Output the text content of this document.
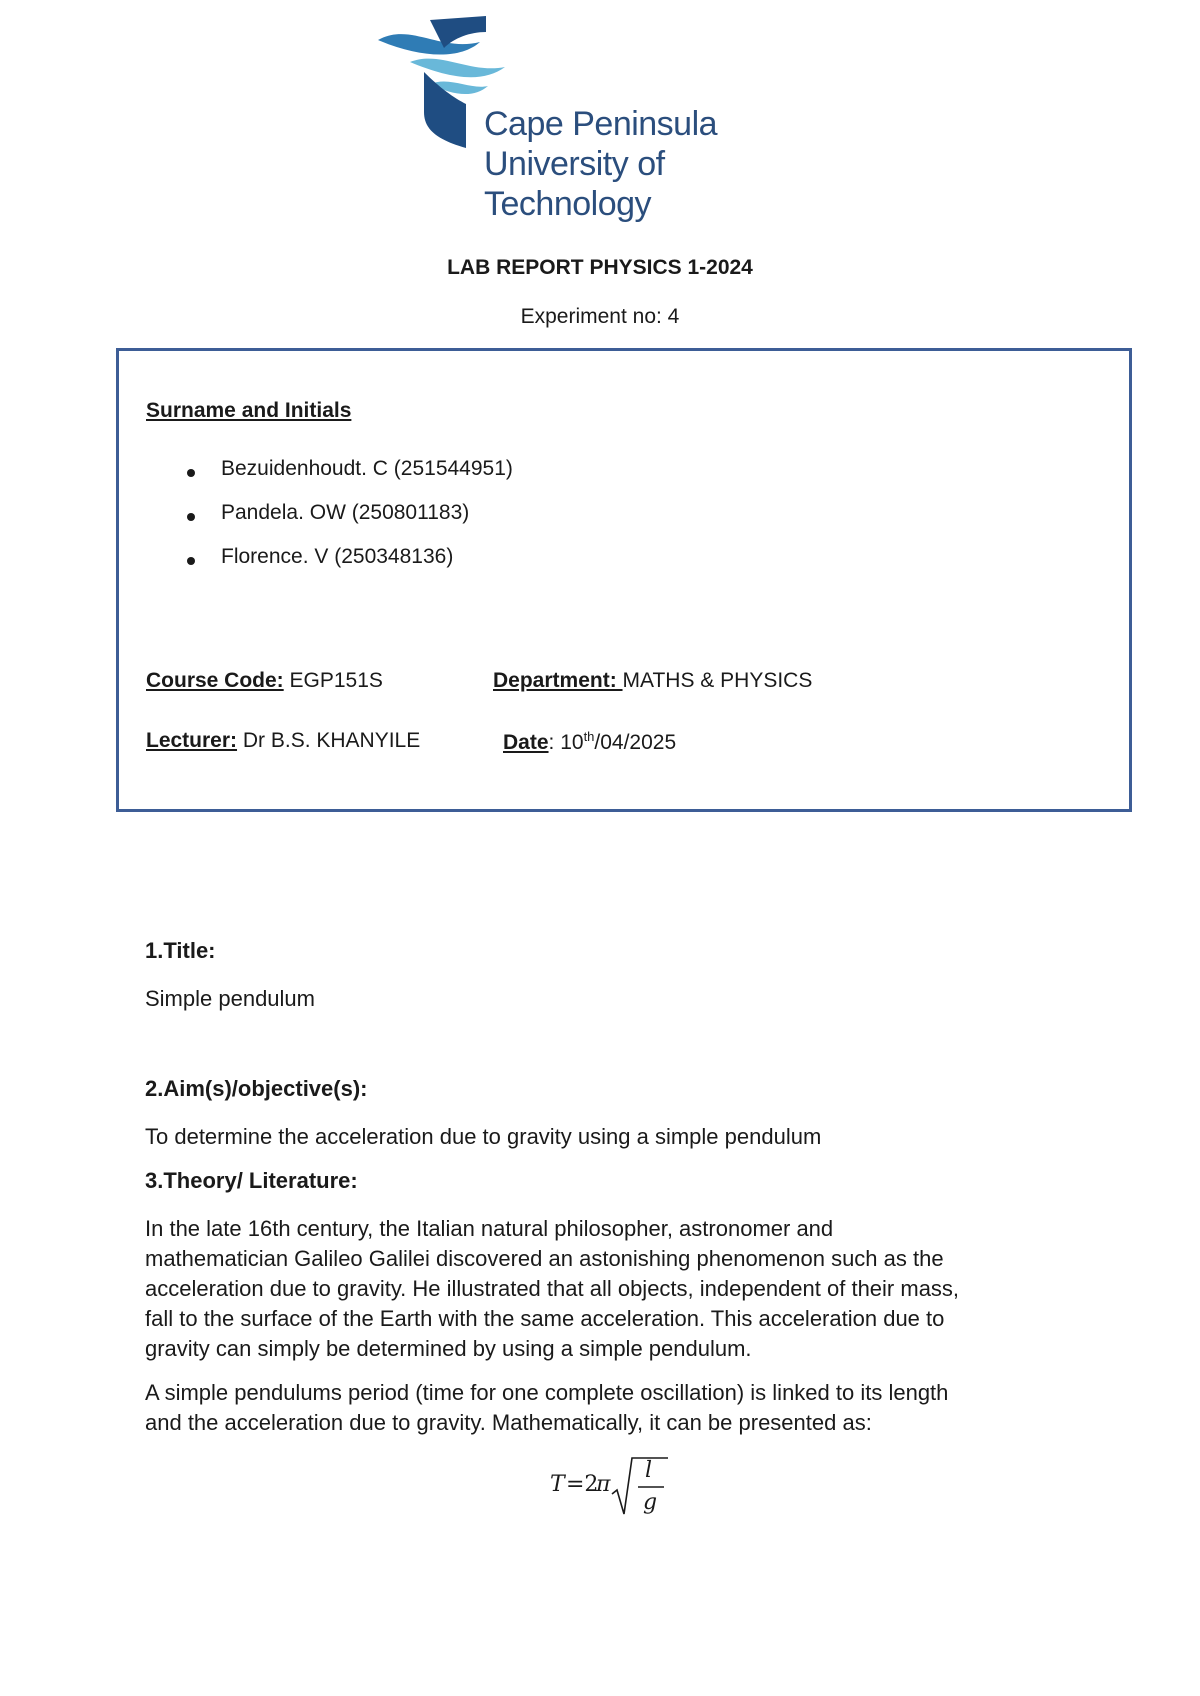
Cape Peninsula
University of Technology
LAB REPORT PHYSICS 1-2024
Experiment no: 4
Surname and Initials
Bezuidenhoudt. C (251544951)
Pandela. OW (250801183)
Florence. V (250348136)
Course Code: EGP151S	Department: MATHS & PHYSICS
Lecturer: Dr B.S. KHANYILE	Date: 10th/04/2025
1.Title:
Simple pendulum
2.Aim(s)/objective(s):
To determine the acceleration due to gravity using a simple pendulum
3.Theory/ Literature:
In the late 16th century, the Italian natural philosopher, astronomer and
mathematician Galileo Galilei discovered an astonishing phenomenon such as the
acceleration due to gravity. He illustrated that all objects, independent of their mass,
fall to the surface of the Earth with the same acceleration. This acceleration due to
gravity can simply be determined by using a simple pendulum.
A simple pendulums period (time for one complete oscillation) is linked to its length
and the acceleration due to gravity. Mathematically, it can be presented as:
T =2
π
l
g
